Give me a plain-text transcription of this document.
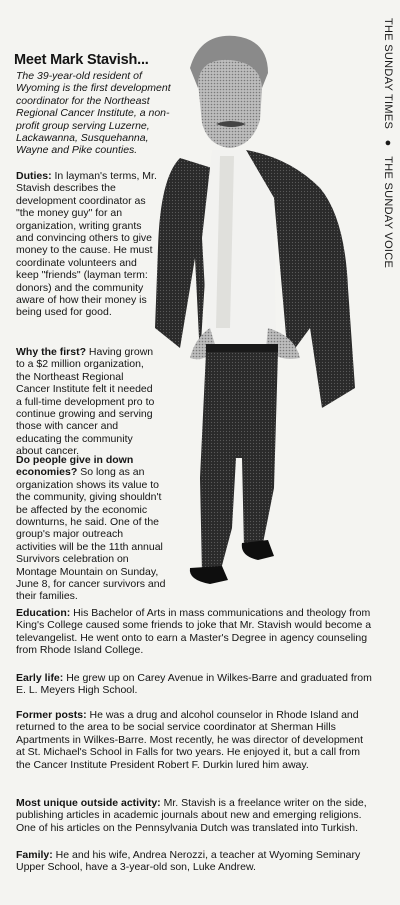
THE SUNDAY TIMES ● THE SUNDAY VOICE
Meet Mark Stavish...

The 39-year-old resident of Wyoming is the first development coordinator for the Northeast Regional Cancer Institute, a non-profit group serving Luzerne, Lackawanna, Susquehanna, Wayne and Pike counties.

Duties: In layman's terms, Mr. Stavish describes the development coordinator as "the money guy" for an organization, writing grants and convincing others to give money to the cause. He must coordinate volunteers and keep "friends" (layman term: donors) and the community aware of how their money is being used for good.

Why the first? Having grown to a $2 million organization, the Northeast Regional Cancer Institute felt it needed a full-time development pro to continue growing and serving those with cancer and educating the community about cancer.

Do people give in down economies? So long as an organization shows its value to the community, giving shouldn't be affected by the economic downturns, he said. One of the group's major outreach activities will be the 11th annual Survivors celebration on Montage Mountain on Sunday, June 8, for cancer survivors and their families.

Education: His Bachelor of Arts in mass communications and theology from King's College caused some friends to joke that Mr. Stavish would become a televangelist. He went onto to earn a Master's Degree in agency counseling from Rhode Island College.

Early life: He grew up on Carey Avenue in Wilkes-Barre and graduated from E. L. Meyers High School.

Former posts: He was a drug and alcohol counselor in Rhode Island and returned to the area to be social service coordinator at Sherman Hills Apartments in Wilkes-Barre. Most recently, he was director of development at St. Michael's School in Falls for two years. He enjoyed it, but a call from the Cancer Institute President Robert F. Durkin lured him away.

Most unique outside activity: Mr. Stavish is a freelance writer on the side, publishing articles in academic journals about new and emerging religions. One of his articles on the Pennsylvania Dutch was translated into Turkish.

Family: He and his wife, Andrea Nerozzi, a teacher at Wyoming Seminary Upper School, have a 3-year-old son, Luke Andrew.
